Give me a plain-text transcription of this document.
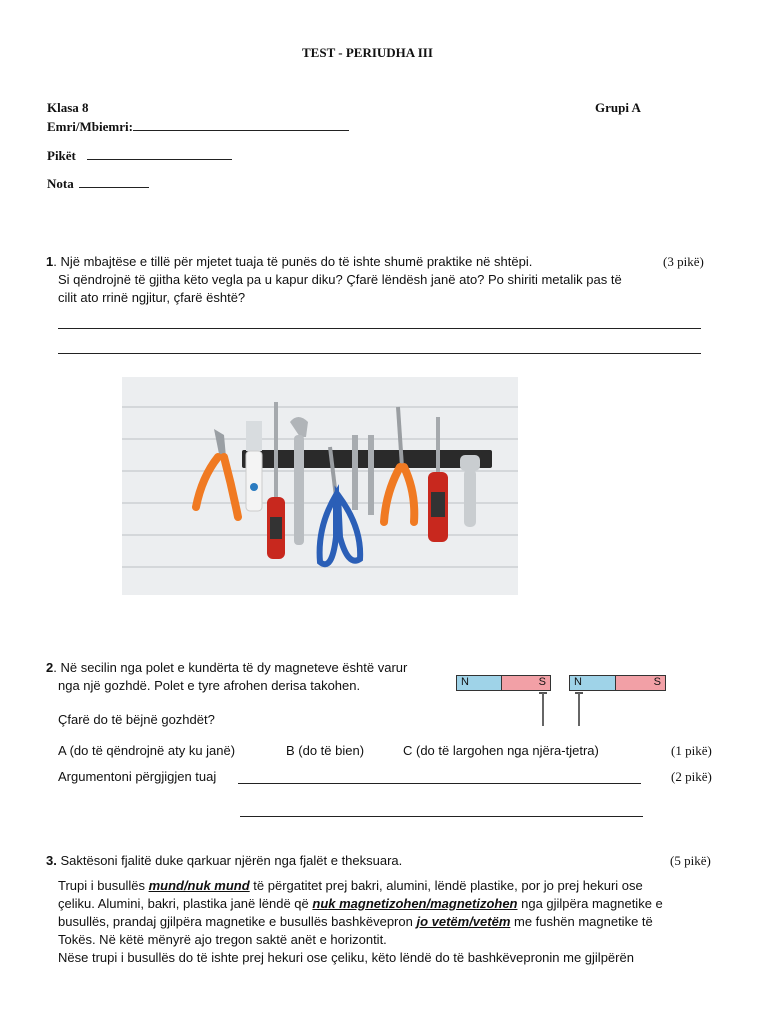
TEST - PERIUDHA III
Klasa 8	Grupi A
Emri/Mbiemri:
Pikët
Nota
1. Një mbajtëse e tillë për mjetet tuaja të punës do të ishte shumë praktike në shtëpi.	(3 pikë)
Si qëndrojnë të gjitha këto vegla pa u kapur diku? Çfarë lëndësh janë ato? Po shiriti metalik pas të
cilit ato rrinë ngjitur, çfarë është?
2. Në secilin nga polet e kundërta të dy magneteve është varur
nga një gozhdë. Polet e tyre afrohen derisa takohen.	N	S	N	S
Çfarë do të bëjnë gozhdët?
A (do të qëndrojnë aty ku janë)	B (do të bien)	C (do të largohen nga njëra-tjetra)	(1 pikë)
Argumentoni përgjigjen tuaj	(2 pikë)
3. Saktësoni fjalitë duke qarkuar njërën nga fjalët e theksuara.	(5 pikë)
Trupi i busullës mund/nuk mund të përgatitet prej bakri, alumini, lëndë plastike, por jo prej hekuri ose
çeliku. Alumini, bakri, plastika janë lëndë që nuk magnetizohen/magnetizohen nga gjilpëra magnetike e
busullës, prandaj gjilpëra magnetike e busullës bashkëvepron jo vetëm/vetëm me fushën magnetike të
Tokës. Në këtë mënyrë ajo tregon saktë anët e horizontit.
Nëse trupi i busullës do të ishte prej hekuri ose çeliku, këto lëndë do të bashkëvepronin me gjilpërën
